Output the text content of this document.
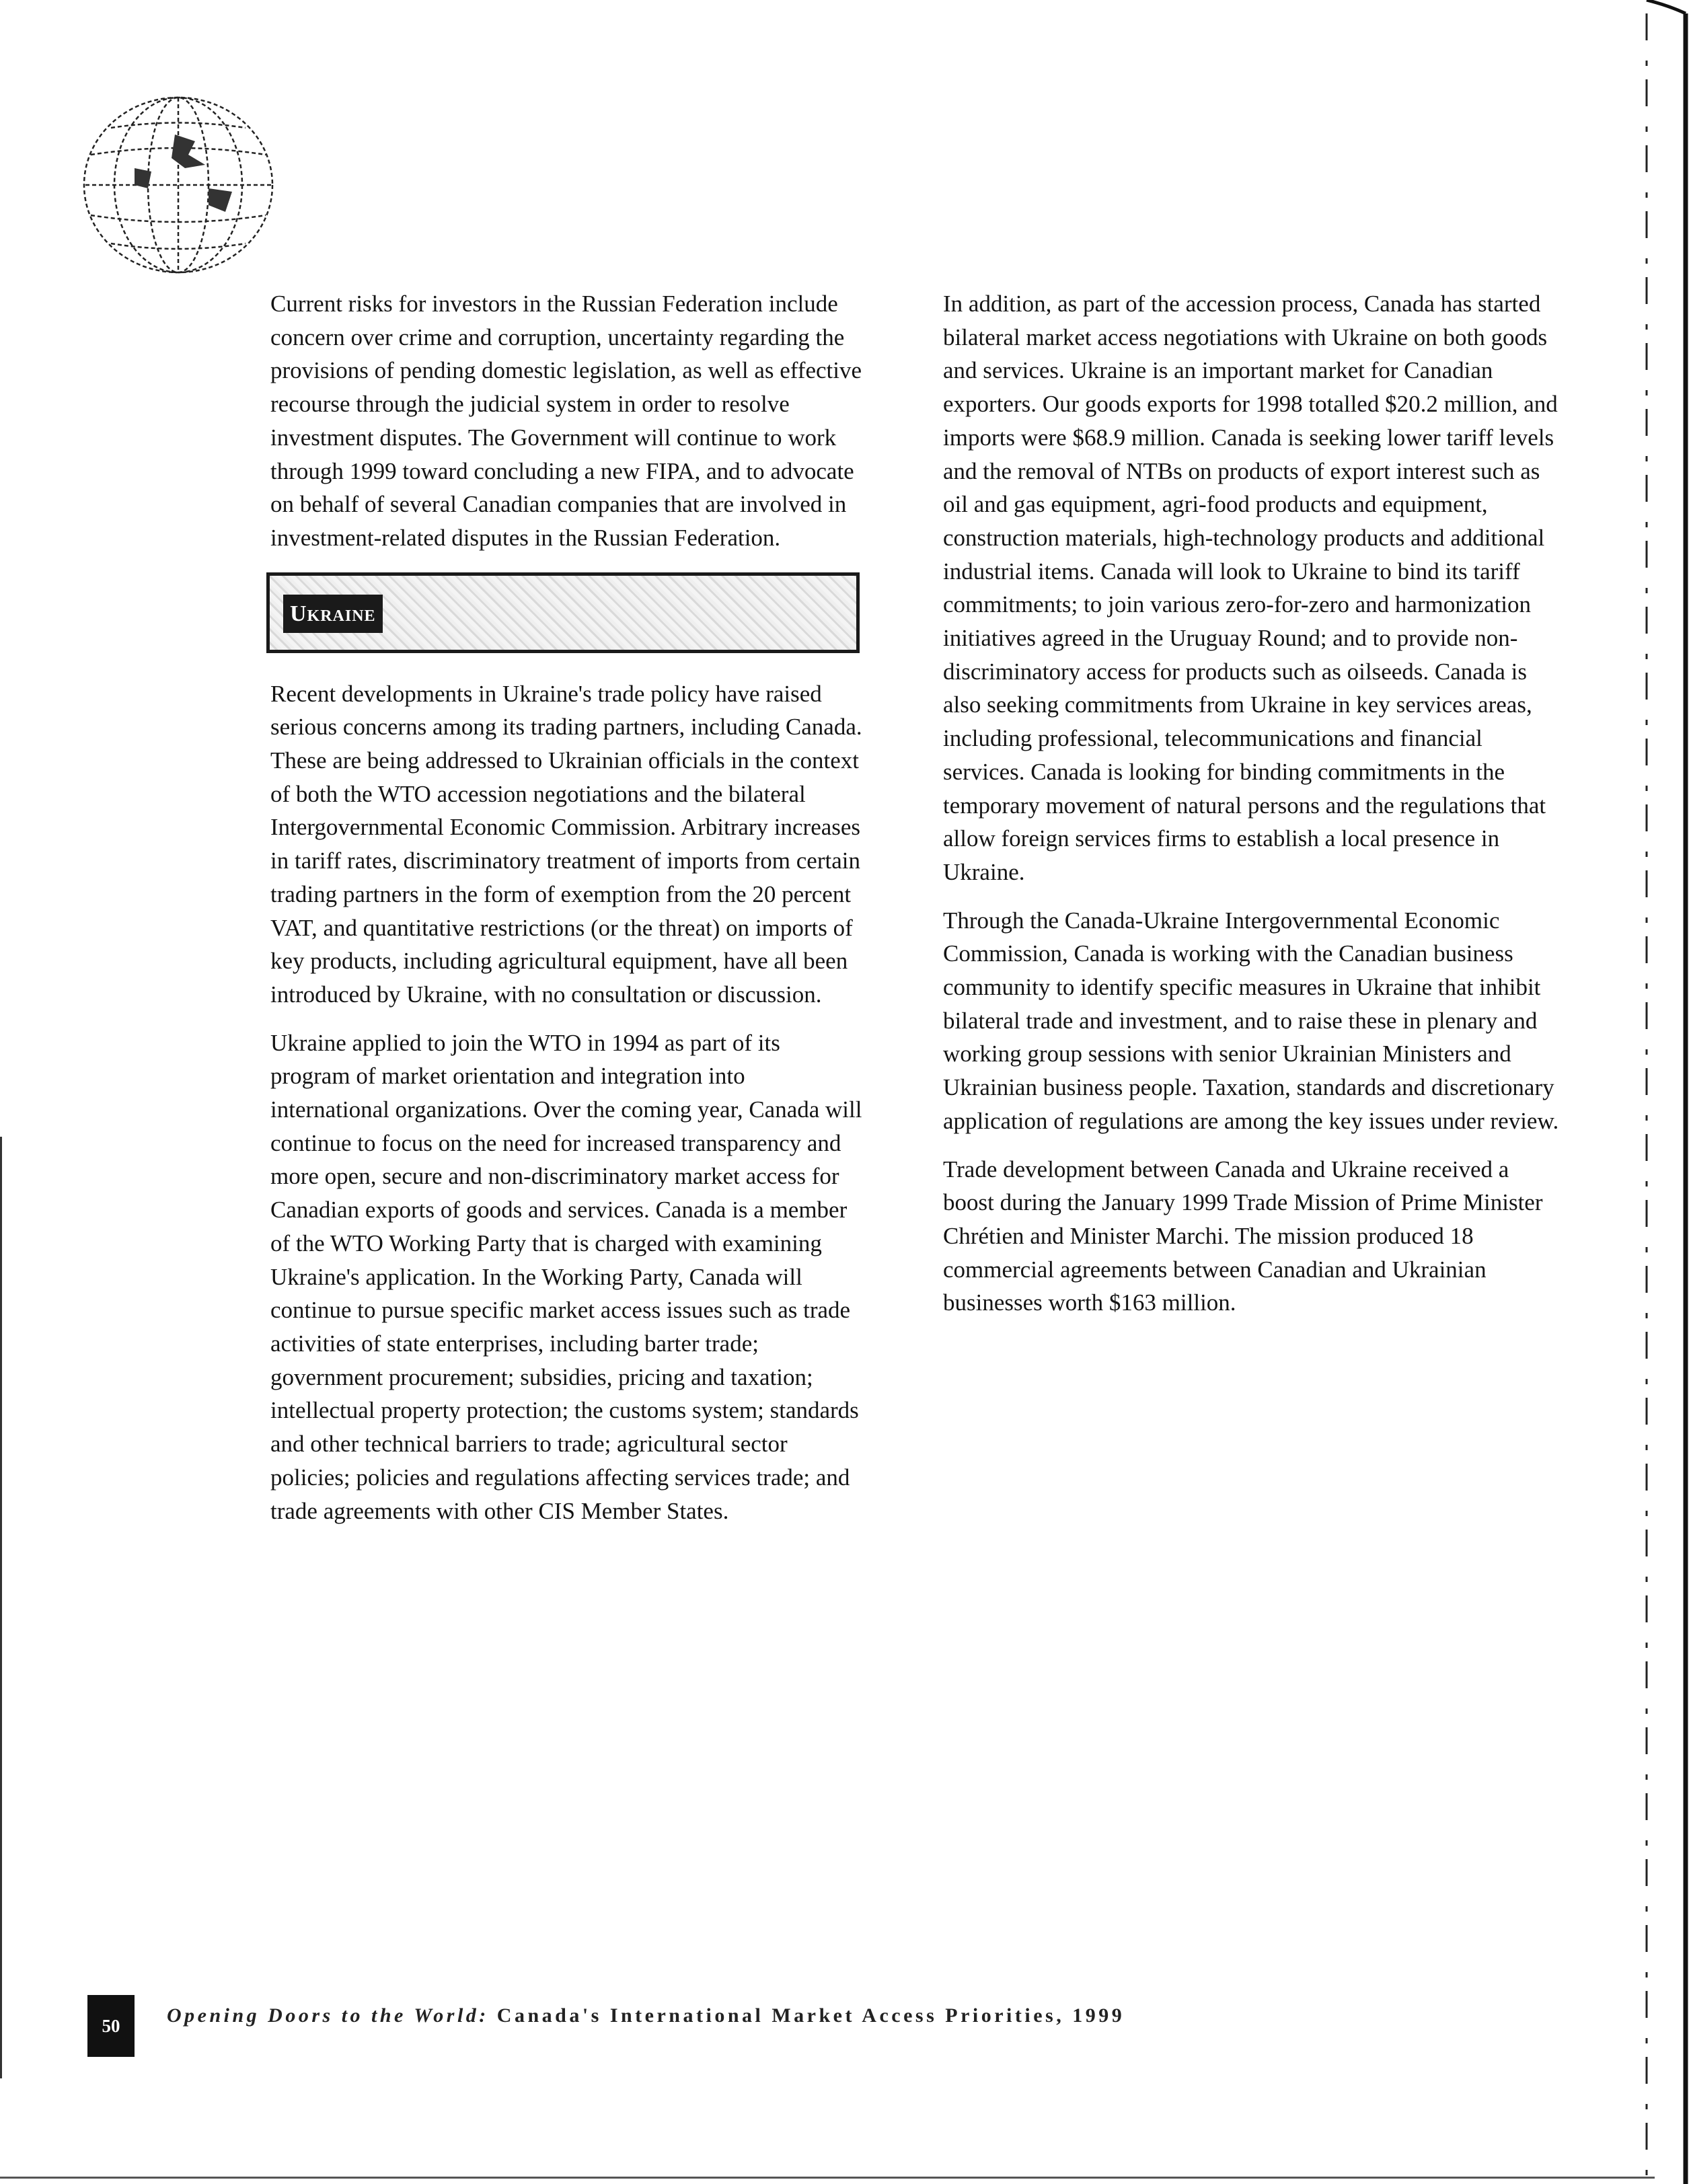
Current risks for investors in the Russian Federation include concern over crime and corruption, uncertainty regarding the provisions of pending domestic legislation, as well as effective recourse through the judicial system in order to resolve investment disputes. The Government will continue to work through 1999 toward concluding a new FIPA, and to advocate on behalf of several Canadian companies that are involved in investment-related disputes in the Russian Federation.

Ukraine

Recent developments in Ukraine's trade policy have raised serious concerns among its trading partners, including Canada. These are being addressed to Ukrainian officials in the context of both the WTO accession negotiations and the bilateral Intergovernmental Economic Commission. Arbitrary increases in tariff rates, discriminatory treatment of imports from certain trading partners in the form of exemption from the 20 percent VAT, and quantitative restrictions (or the threat) on imports of key products, including agricultural equipment, have all been introduced by Ukraine, with no consultation or discussion.

Ukraine applied to join the WTO in 1994 as part of its program of market orientation and integration into international organizations. Over the coming year, Canada will continue to focus on the need for increased transparency and more open, secure and non-discriminatory market access for Canadian exports of goods and services. Canada is a member of the WTO Working Party that is charged with examining Ukraine's application. In the Working Party, Canada will continue to pursue specific market access issues such as trade activities of state enterprises, including barter trade; government procurement; subsidies, pricing and taxation; intellectual property protection; the customs system; standards and other technical barriers to trade; agricultural sector policies; policies and regulations affecting services trade; and trade agreements with other CIS Member States.

In addition, as part of the accession process, Canada has started bilateral market access negotiations with Ukraine on both goods and services. Ukraine is an important market for Canadian exporters. Our goods exports for 1998 totalled $20.2 million, and imports were $68.9 million. Canada is seeking lower tariff levels and the removal of NTBs on products of export interest such as oil and gas equipment, agri-food products and equipment, construction materials, high-technology products and additional industrial items. Canada will look to Ukraine to bind its tariff commitments; to join various zero-for-zero and harmonization initiatives agreed in the Uruguay Round; and to provide non-discriminatory access for products such as oilseeds. Canada is also seeking commitments from Ukraine in key services areas, including professional, telecommunications and financial services. Canada is looking for binding commitments in the temporary movement of natural persons and the regulations that allow foreign services firms to establish a local presence in Ukraine.

Through the Canada-Ukraine Intergovernmental Economic Commission, Canada is working with the Canadian business community to identify specific measures in Ukraine that inhibit bilateral trade and investment, and to raise these in plenary and working group sessions with senior Ukrainian Ministers and Ukrainian business people. Taxation, standards and discretionary application of regulations are among the key issues under review.

Trade development between Canada and Ukraine received a boost during the January 1999 Trade Mission of Prime Minister Chrétien and Minister Marchi. The mission produced 18 commercial agreements between Canadian and Ukrainian businesses worth $163 million.

50	Opening Doors to the World: Canada's International Market Access Priorities, 1999
